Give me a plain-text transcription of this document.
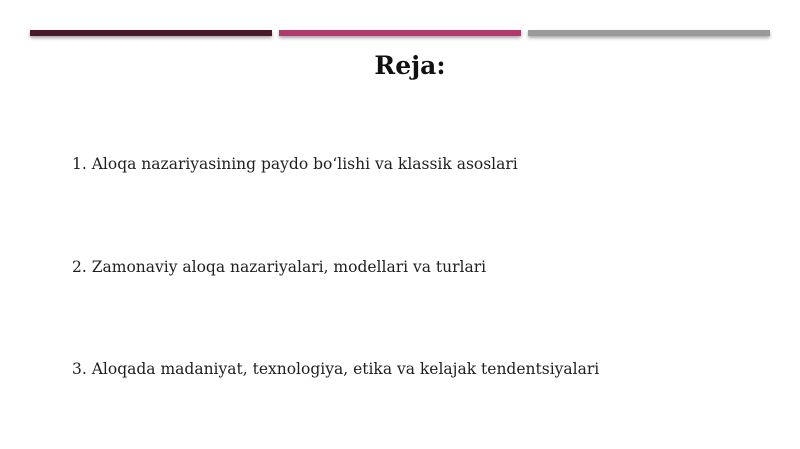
Reja:
1. Aloqa nazariyasining paydo bo‘lishi va klassik asoslari
2. Zamonaviy aloqa nazariyalari, modellari va turlari
3. Aloqada madaniyat, texnologiya, etika va kelajak tendentsiyalari
